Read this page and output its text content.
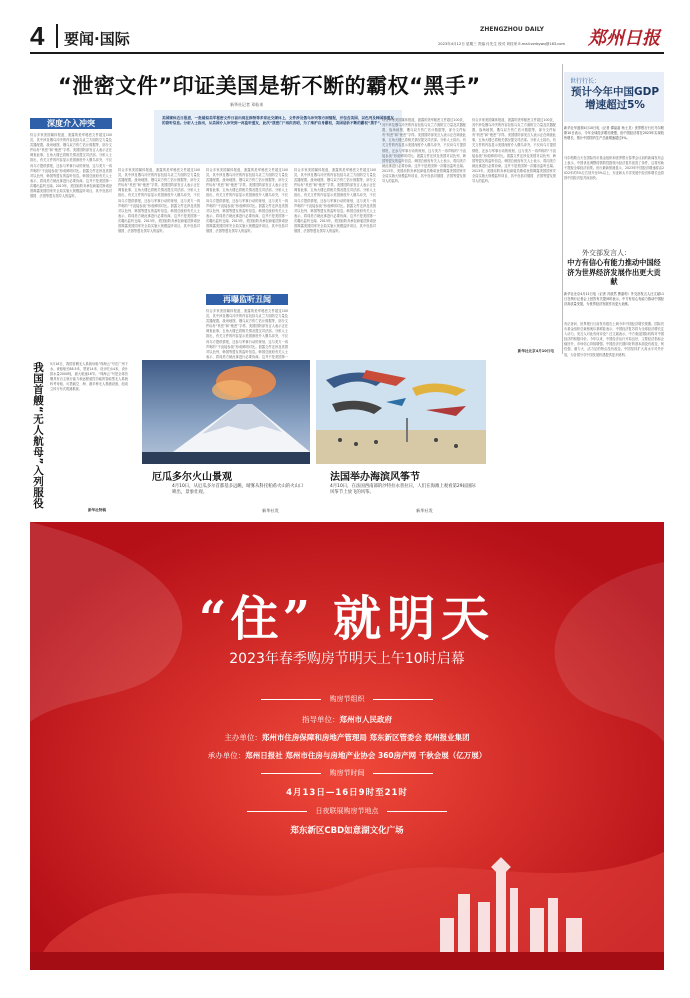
4	要闻·国际
ZHENGZHOU DAILY 郑州日报
2023年4月12日 星期三 责编 付先生 校对 刘桂荣 E-mail:zzrbywq@163.com
“泄密文件”印证美国是斩不断的霸权“黑手”
新华社记者 邓仙来
美国媒体近日报道，一批疑似美军秘密文件日前出现在推特等多家社交媒体上，文件涉及俄乌冲突等方面情报，并包含美国、以色列及韩国等盟友的窃听信息。分析人士指出，从美国介入冲突到一再监听盟友，此次“泄密门”再次表明，为了维护自身霸权，美国是斩不断的霸权“黑手”。
深度介入冲突
综合多家美国媒体报道，泄露的美军秘密文件超过100页，其中涉及俄乌冲突的内容包括乌克兰方面防空力量及武器配置，战场地图，俄乌双方伤亡估计数据等，部分文件标有“机密”和“绝密”字样。美国国防部发言人表示正在调查此事，五角大楼已将相关情况提交司法部。分析人士指出，有关文件的内容显示美国深度介入俄乌冲突，不仅向乌方提供情报，还参与军事行动的规划，这与美方一再声称的“不直接参战”形成鲜明对比。泄露文件还涉及美国对以色列、韩国等盟友的监听信息。韩国总统府有关人士表示，将同美方就此事进行必要协商。这并不是美国第一次曝出监听丑闻。2013年，美国前防务承包商雇员斯诺登曾揭露美国国家安全局实施大规模监听项目，其中包括对德国、法国等盟友领导人的监听。
综合多家美国媒体报道，泄露的美军秘密文件超过100页，其中涉及俄乌冲突的内容包括乌克兰方面防空力量及武器配置，战场地图，俄乌双方伤亡估计数据等，部分文件标有“机密”和“绝密”字样。美国国防部发言人表示正在调查此事，五角大楼已将相关情况提交司法部。分析人士指出，有关文件的内容显示美国深度介入俄乌冲突，不仅向乌方提供情报，还参与军事行动的规划，这与美方一再声称的“不直接参战”形成鲜明对比。泄露文件还涉及美国对以色列、韩国等盟友的监听信息。韩国总统府有关人士表示，将同美方就此事进行必要协商。这并不是美国第一次曝出监听丑闻。2013年，美国前防务承包商雇员斯诺登曾揭露美国国家安全局实施大规模监听项目，其中包括对德国、法国等盟友领导人的监听。
综合多家美国媒体报道，泄露的美军秘密文件超过100页，其中涉及俄乌冲突的内容包括乌克兰方面防空力量及武器配置，战场地图，俄乌双方伤亡估计数据等，部分文件标有“机密”和“绝密”字样。美国国防部发言人表示正在调查此事，五角大楼已将相关情况提交司法部。分析人士指出，有关文件的内容显示美国深度介入俄乌冲突，不仅向乌方提供情报，还参与军事行动的规划，这与美方一再声称的“不直接参战”形成鲜明对比。泄露文件还涉及美国对以色列、韩国等盟友的监听信息。韩国总统府有关人士表示，将同美方就此事进行必要协商。这并不是美国第一次曝出监听丑闻。2013年，美国前防务承包商雇员斯诺登曾揭露美国国家安全局实施大规模监听项目，其中包括对德国、法国等盟友领导人的监听。
再曝监听丑闻
综合多家美国媒体报道，泄露的美军秘密文件超过100页，其中涉及俄乌冲突的内容包括乌克兰方面防空力量及武器配置，战场地图，俄乌双方伤亡估计数据等，部分文件标有“机密”和“绝密”字样。美国国防部发言人表示正在调查此事，五角大楼已将相关情况提交司法部。分析人士指出，有关文件的内容显示美国深度介入俄乌冲突，不仅向乌方提供情报，还参与军事行动的规划，这与美方一再声称的“不直接参战”形成鲜明对比。泄露文件还涉及美国对以色列、韩国等盟友的监听信息。韩国总统府有关人士表示，将同美方就此事进行必要协商。这并不是美国第一
综合多家美国媒体报道，泄露的美军秘密文件超过100页，其中涉及俄乌冲突的内容包括乌克兰方面防空力量及武器配置，战场地图，俄乌双方伤亡估计数据等，部分文件标有“机密”和“绝密”字样。美国国防部发言人表示正在调查此事，五角大楼已将相关情况提交司法部。分析人士指出，有关文件的内容显示美国深度介入俄乌冲突，不仅向乌方提供情报，还参与军事行动的规划，这与美方一再声称的“不直接参战”形成鲜明对比。泄露文件还涉及美国对以色列、韩国等盟友的监听信息。韩国总统府有关人士表示，将同美方就此事进行必要协商。这并不是美国第一次曝出监听丑闻。2013年，美国前防务承包商雇员斯诺登曾揭露美国国家安全局实施大规模监听项目，其中包括对德国、法国等盟友领导人的监听。
综合多家美国媒体报道，泄露的美军秘密文件超过100页，其中涉及俄乌冲突的内容包括乌克兰方面防空力量及武器配置，战场地图，俄乌双方伤亡估计数据等，部分文件标有“机密”和“绝密”字样。美国国防部发言人表示正在调查此事，五角大楼已将相关情况提交司法部。分析人士指出，有关文件的内容显示美国深度介入俄乌冲突，不仅向乌方提供情报，还参与军事行动的规划，这与美方一再声称的“不直接参战”形成鲜明对比。泄露文件还涉及美国对以色列、韩国等盟友的监听信息。韩国总统府有关人士表示，将同美方就此事进行必要协商。这并不是美国第一次曝出监听丑闻。2013年，美国前防务承包商雇员斯诺登曾揭露美国国家安全局实施大规模监听项目，其中包括对德国、法国等盟友领导人的监听。
综合多家美国媒体报道，泄露的美军秘密文件超过100页，其中涉及俄乌冲突的内容包括乌克兰方面防空力量及武器配置，战场地图，俄乌双方伤亡估计数据等，部分文件标有“机密”和“绝密”字样。美国国防部发言人表示正在调查此事，五角大楼已将相关情况提交司法部。分析人士指出，有关文件的内容显示美国深度介入俄乌冲突，不仅向乌方提供情报，还参与军事行动的规划，这与美方一再声称的“不直接参战”形成鲜明对比。泄露文件还涉及美国对以色列、韩国等盟友的监听信息。韩国总统府有关人士表示，将同美方就此事进行必要协商。这并不是美国第一次曝出监听丑闻。2013年，美国前防务承包商雇员斯诺登曾揭露美国国家安全局实施大规模监听项目，其中包括对德国、法国等盟友领导人的监听。
新华社北京4月10日电
世行行长：
预计今年中国GDP增速超过5%
新华社华盛顿4月10日电（记者 谭晶晶 杨士龙）世界银行行长马尔帕斯10日表示，今年全球经济增长缓慢，但中国经济将在2023年实现较快增长，预计中国国内生产总值增速超过5%。
马尔帕斯当天在国际货币基金组织和世界银行春季会议前的新闻发布会上表示，中国优化调整疫情防控措施为经济复苏创造了条件，这将有助于提振全球经济前景。世行最新预测显示，2023年中国经济增速将由2022年的3%左右回升至5%以上，东亚和太平洋发展中经济体增长也将因中国经济复苏而加快。
外交部发言人：
中方有信心有能力推动中国经济为世界经济发展作出更大贡献
新华社北京4月11日电（记者 冯歆然 曹嘉玥）外交部发言人汪文斌11日在例行记者会上回答有关提问时表示，中方有信心有能力推动中国经济高质量发展，为世界经济发展作出更大贡献。
有记者问，世界银行日前发布报告上调今年中国经济增长预期。国际货币基金组织总裁格奥尔基耶娃表示，中国经济复苏将为全球经济增长注入动力。发言人对此有何评论？汪文斌表示，中方欢迎国际机构对中国经济的积极评价。今年以来，中国经济运行开局良好，主要经济指标企稳回升，市场信心持续增强。中国经济长期向好的基本面没有改变，韧性强、潜力大、活力足的特点没有改变。中国坚持扩大高水平对外开放，为各国分享中国发展机遇提供更多便利。
我国首艘“无人航母”入列服役	5月18日，我国首艘无人系统母船“珠海云”号在广州下水。该船船长88.5米，型宽14米，设计吃水4米，设计排水量2000吨，最大航速18节。“珠海云”号是全球首艘具有自主航行能力和远程遥控功能的智能型无人系统科考母船，可搭载空、海、潜多种无人观测设备，组成立体分布式观测系统。
新华社特稿
厄瓜多尔火山景观
4月10日，从厄瓜多尔首都基多远眺，晴雾从科托帕希火山的火山口喷出，景象壮观。
新华社发
法国举办海滨风筝节
4月10日，在法国西南部的沙特拉永普拉日，人们在海滩上观看第29届国际风筝节上放飞的风筝。
新华社发
“住” 就明天
2023年春季购房节明天上午10时启幕
购房节组织
指导单位：郑州市人民政府
主办单位：郑州市住房保障和房地产管理局 郑东新区管委会 郑州报业集团
承办单位：郑州日报社 郑州市住房与房地产业协会 360房产网 千秋会展（亿万展）
购房节时间
4月13日—16日9时至21时
日夜联展购房节地点
郑东新区CBD如意湖文化广场
